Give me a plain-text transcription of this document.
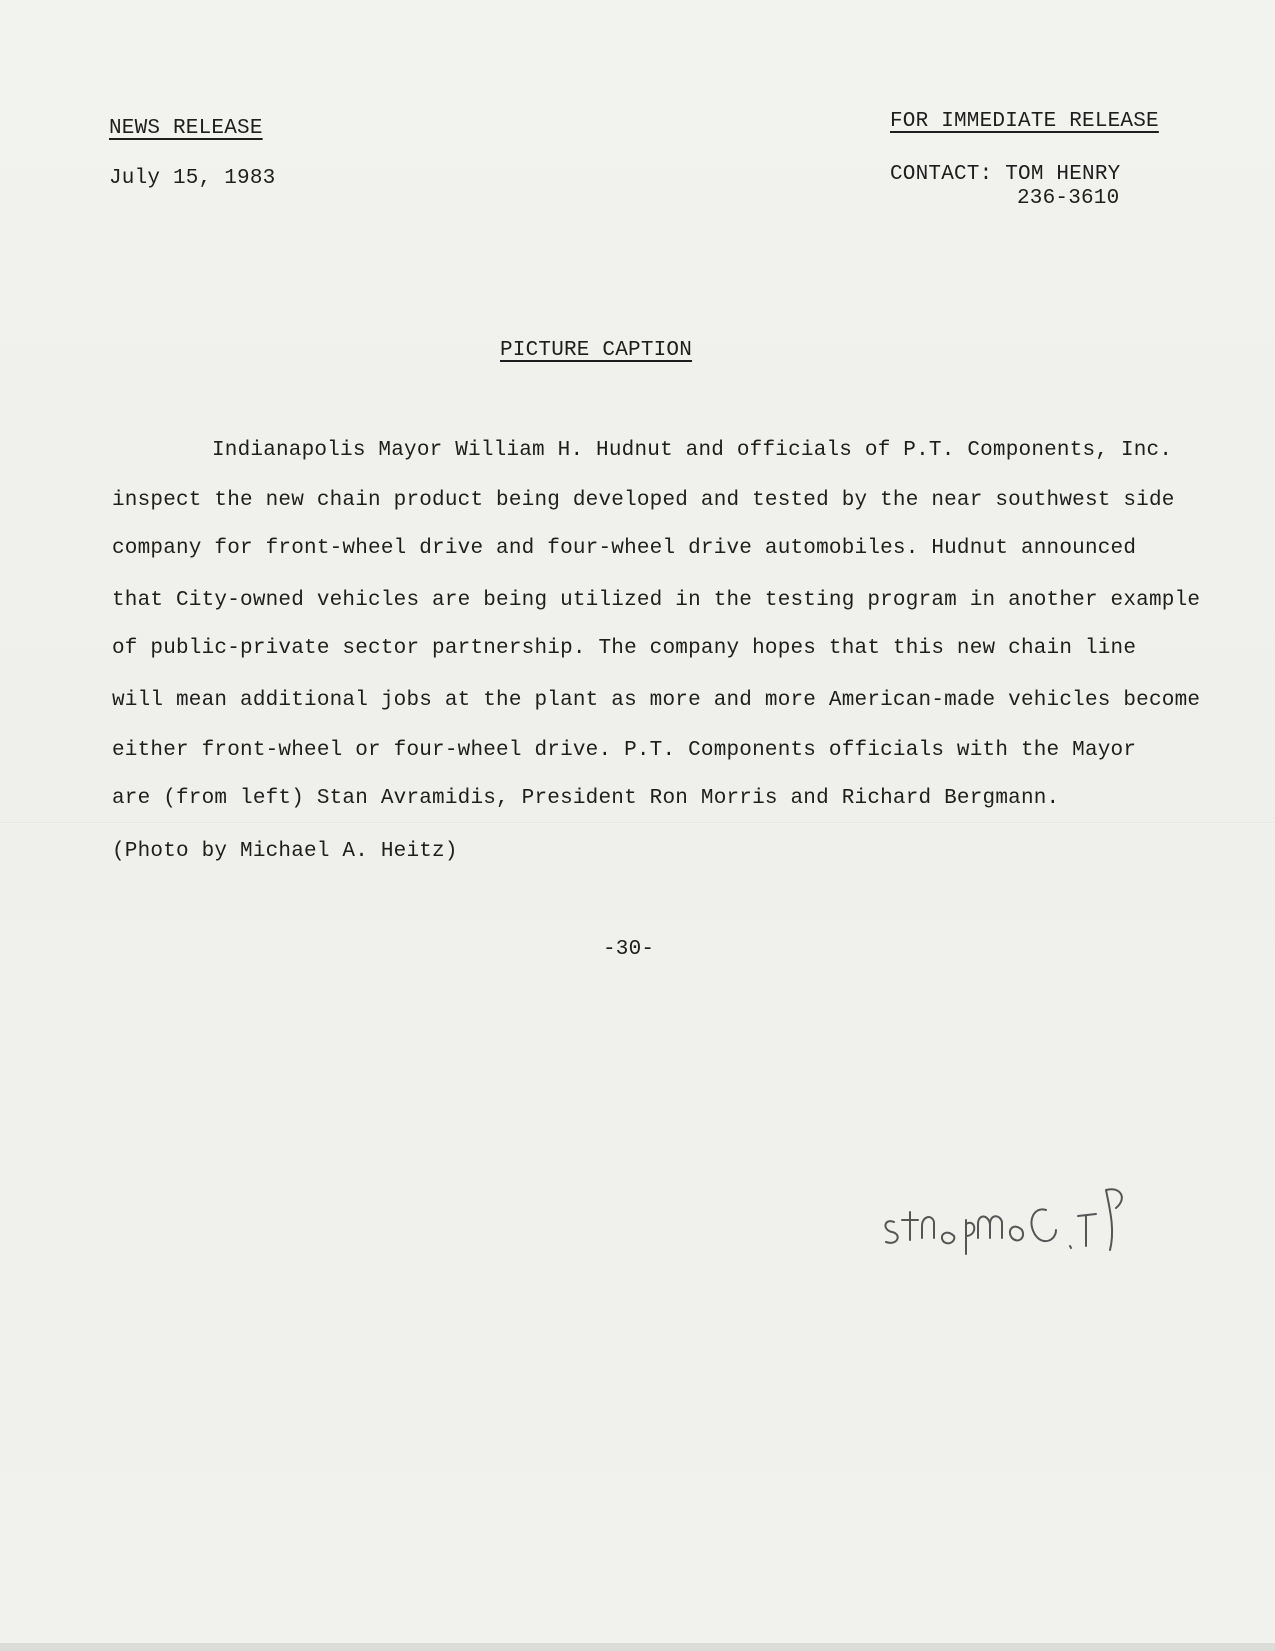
NEWS RELEASE
July 15, 1983
FOR IMMEDIATE RELEASE
CONTACT: TOM HENRY
236-3610
PICTURE CAPTION
Indianapolis Mayor William H. Hudnut and officials of P.T. Components, Inc.
inspect the new chain product being developed and tested by the near southwest side
company for front-wheel drive and four-wheel drive automobiles. Hudnut announced
that City-owned vehicles are being utilized in the testing program in another example
of public-private sector partnership. The company hopes that this new chain line
will mean additional jobs at the plant as more and more American-made vehicles become
either front-wheel or four-wheel drive. P.T. Components officials with the Mayor
are (from left) Stan Avramidis, President Ron Morris and Richard Bergmann.
(Photo by Michael A. Heitz)
-30-
